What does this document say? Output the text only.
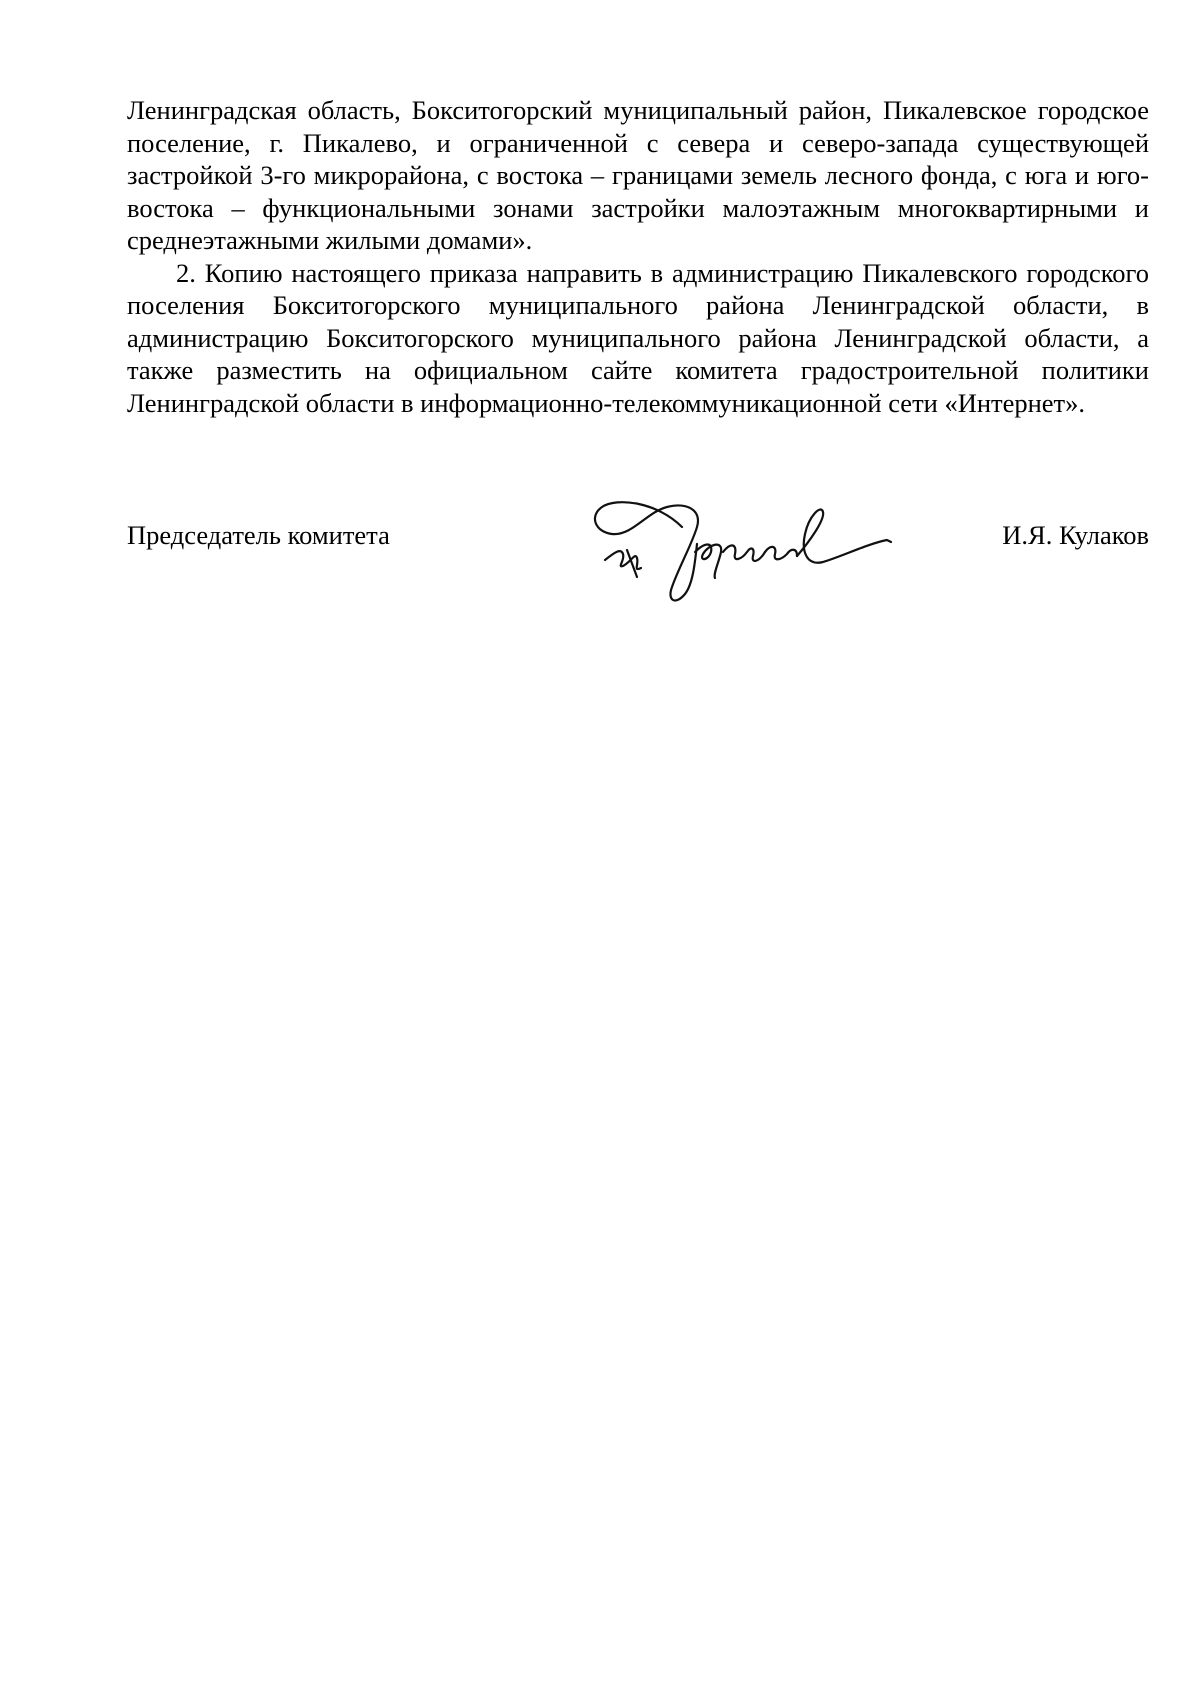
Ленинградская область, Бокситогорский муниципальный район, Пикалевское городское поселение, г. Пикалево, и ограниченной с севера и северо-запада существующей застройкой 3-го микрорайона, с востока – границами земель лесного фонда, с юга и юго-востока – функциональными зонами застройки малоэтажным многоквартирными и среднеэтажными жилыми домами».

2. Копию настоящего приказа направить в администрацию Пикалевского городского поселения Бокситогорского муниципального района Ленинградской области, в администрацию Бокситогорского муниципального района Ленинградской области, а также разместить на официальном сайте комитета градостроительной политики Ленинградской области в информационно-телекоммуникационной сети «Интернет».

Председатель комитета	И.Я. Кулаков
